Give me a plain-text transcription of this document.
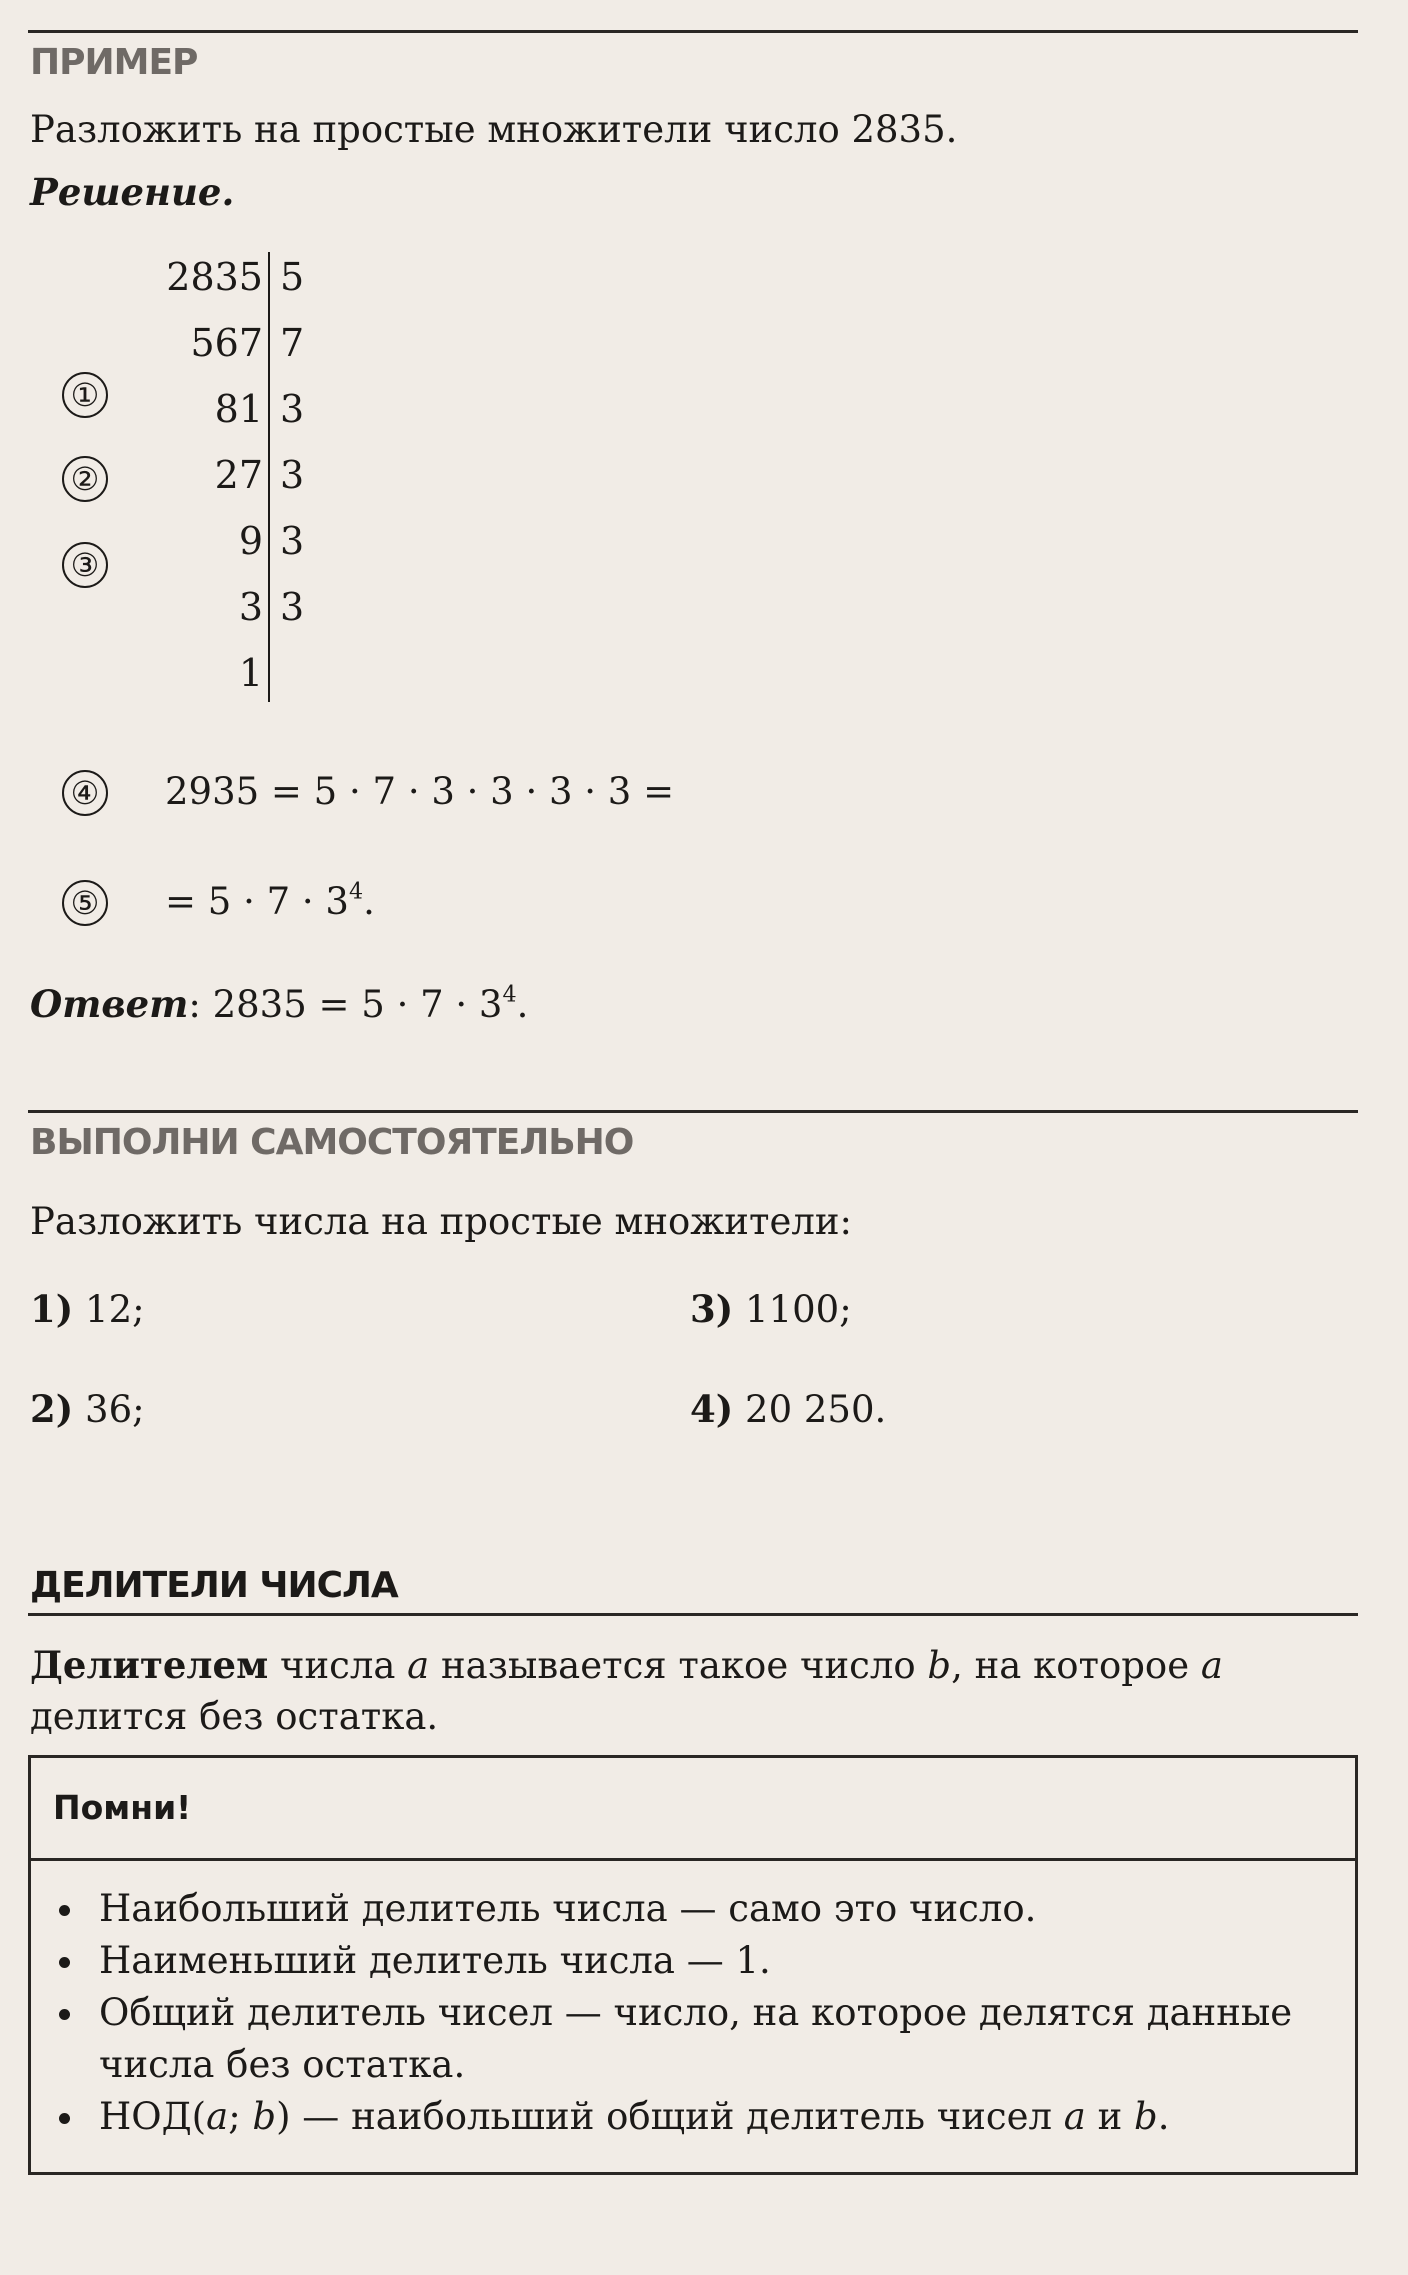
ПРИМЕР
Разложить на простые множители число 2835.
Решение.
2835 5
567 7
81 3
27 3
9 3
3 3
1
①
②
③
④
⑤
2935 = 5 · 7 · 3 · 3 · 3 · 3 =
= $5 \cdot 7 \cdot 3^4$.
Ответ: $2835 = 5 \cdot 7 \cdot 3^4$.
ВЫПОЛНИ САМОСТОЯТЕЛЬНО
Разложить числа на простые множители:
1) 12;
2) 36;
3) 1100;
4) 20 250.
ДЕЛИТЕЛИ ЧИСЛА
Делителем числа a называется такое число b, на которое a
делится без остатка.
Помни!
Наибольший делитель числа — само это число.
Наименьший делитель числа — 1.
Общий делитель чисел — число, на которое делятся данные числа без остатка.
НОД(a; b) — наибольший общий делитель чисел a и b.
